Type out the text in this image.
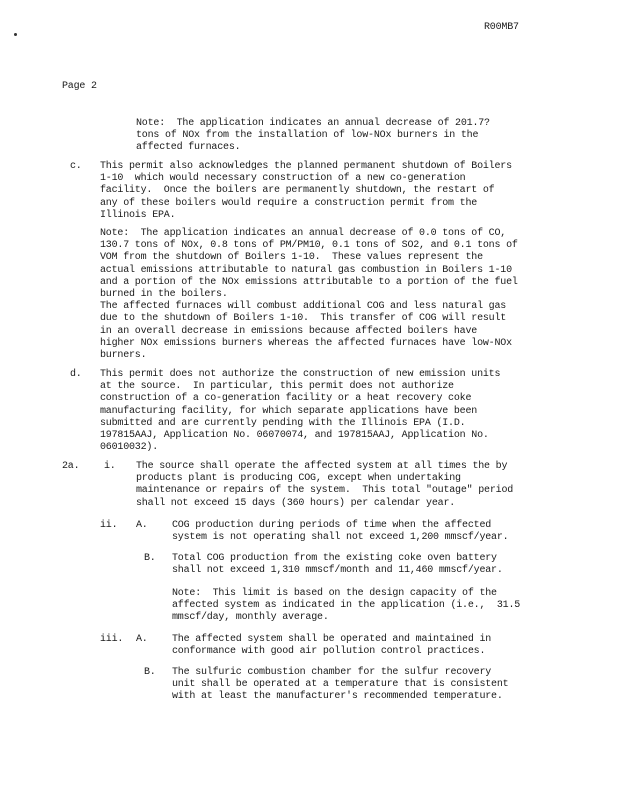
R00MB7
Page 2
Note:  The application indicates an annual decrease of 201.7?
tons of NOx from the installation of low-NOx burners in the
affected furnaces.
c. This permit also acknowledges the planned permanent shutdown of Boilers
1-10  which would necessary construction of a new co-generation
facility.  Once the boilers are permanently shutdown, the restart of
any of these boilers would require a construction permit from the
Illinois EPA.
Note:  The application indicates an annual decrease of 0.0 tons of CO,
130.7 tons of NOx, 0.8 tons of PM/PM10, 0.1 tons of SO2, and 0.1 tons of
VOM from the shutdown of Boilers 1-10.  These values represent the
actual emissions attributable to natural gas combustion in Boilers 1-10
and a portion of the NOx emissions attributable to a portion of the fuel
burned in the boilers.
The affected furnaces will combust additional COG and less natural gas
due to the shutdown of Boilers 1-10.  This transfer of COG will result
in an overall decrease in emissions because affected boilers have
higher NOx emissions burners whereas the affected furnaces have low-NOx
burners.
d. This permit does not authorize the construction of new emission units
at the source.  In particular, this permit does not authorize
construction of a co-generation facility or a heat recovery coke
manufacturing facility, for which separate applications have been
submitted and are currently pending with the Illinois EPA (I.D.
197815AAJ, Application No. 06070074, and 197815AAJ, Application No.
06010032).
2a. i. The source shall operate the affected system at all times the by
products plant is producing COG, except when undertaking
maintenance or repairs of the system.  This total "outage" period
shall not exceed 15 days (360 hours) per calendar year.
ii. A. COG production during periods of time when the affected
system is not operating shall not exceed 1,200 mmscf/year.
B. Total COG production from the existing coke oven battery
shall not exceed 1,310 mmscf/month and 11,460 mmscf/year.
Note:  This limit is based on the design capacity of the
affected system as indicated in the application (i.e.,  31.5
mmscf/day, monthly average.
iii. A. The affected system shall be operated and maintained in
conformance with good air pollution control practices.
B. The sulfuric combustion chamber for the sulfur recovery
unit shall be operated at a temperature that is consistent
with at least the manufacturer's recommended temperature.
